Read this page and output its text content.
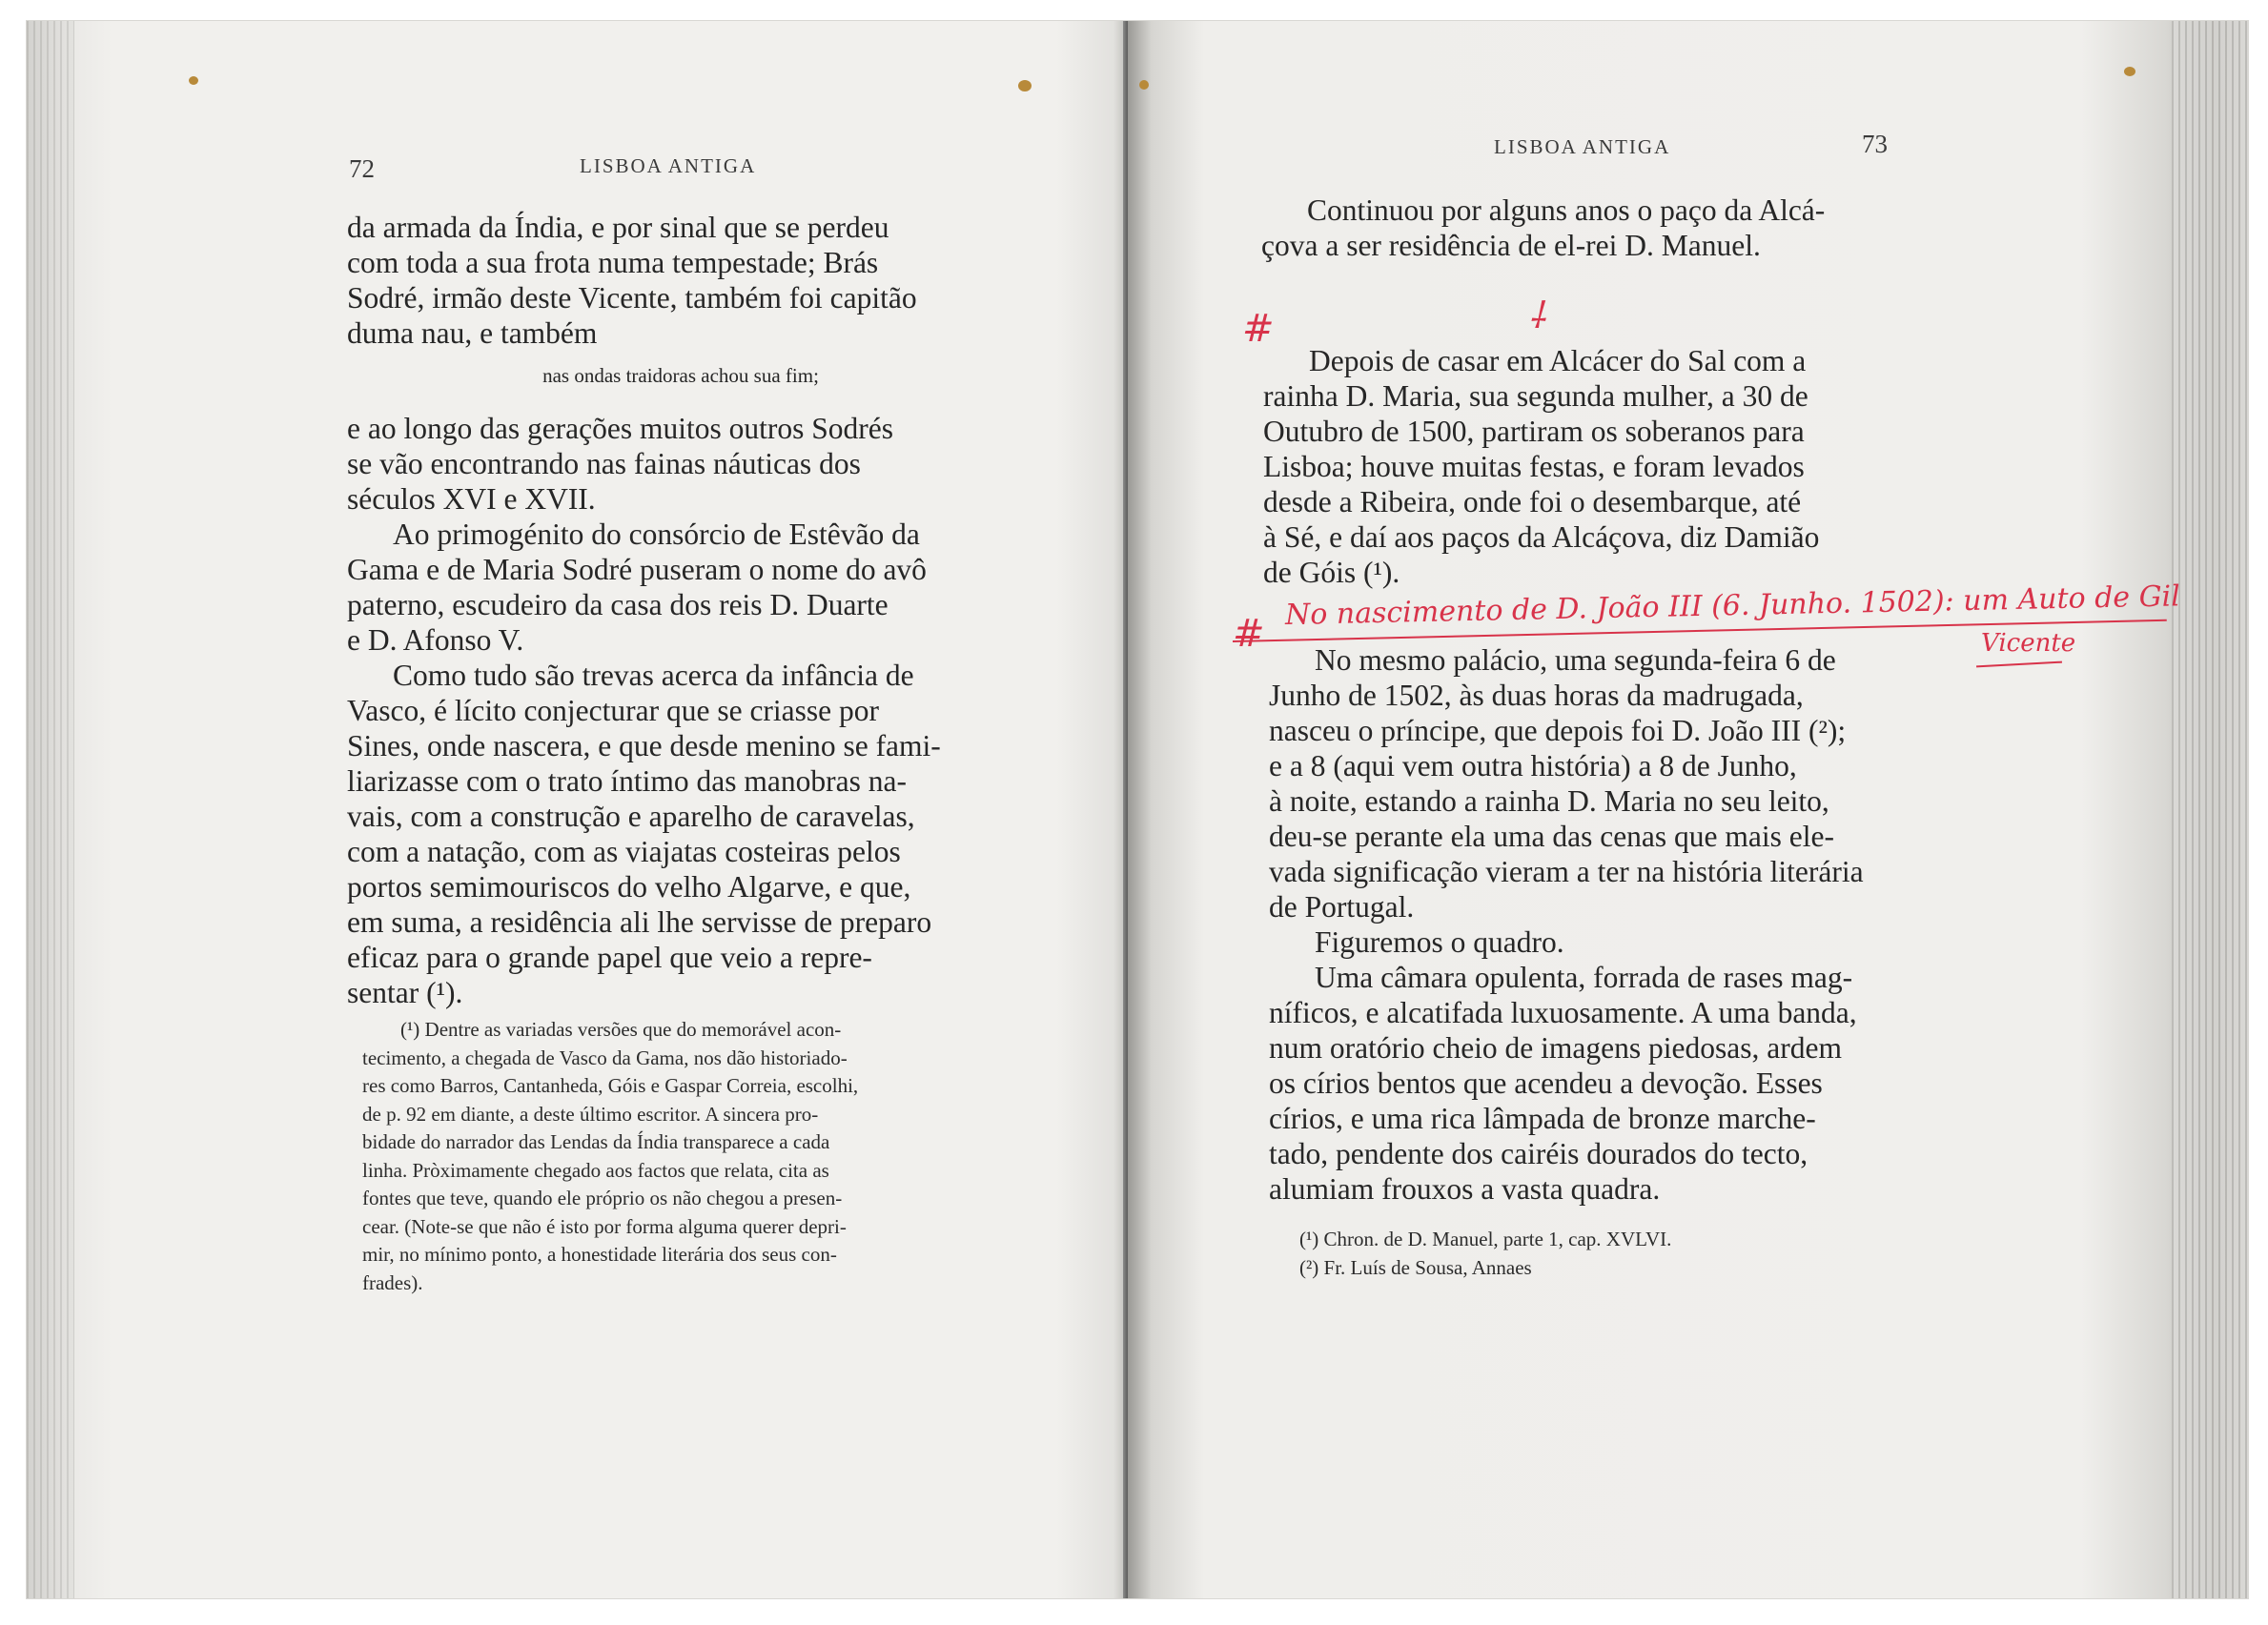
72	LISBOA ANTIGA

da armada da Índia, e por sinal que se perdeu

com toda a sua frota numa tempestade; Brás

Sodré, irmão deste Vicente, também foi capitão

duma nau, e também

nas ondas traidoras achou sua fim;

e ao longo das gerações muitos outros Sodrés

se vão encontrando nas fainas náuticas dos

séculos XVI e XVII.

Ao primogénito do consórcio de Estêvão da

Gama e de Maria Sodré puseram o nome do avô

paterno, escudeiro da casa dos reis D. Duarte

e D. Afonso V.

Como tudo são trevas acerca da infância de

Vasco, é lícito conjecturar que se criasse por

Sines, onde nascera, e que desde menino se fami-

liarizasse com o trato íntimo das manobras na-

vais, com a construção e aparelho de caravelas,

com a natação, com as viajatas costeiras pelos

portos semimouriscos do velho Algarve, e que,

em suma, a residência ali lhe servisse de preparo

eficaz para o grande papel que veio a repre-

sentar (¹).

(¹) Dentre as variadas versões que do memorável acon-

tecimento, a chegada de Vasco da Gama, nos dão historiado-

res como Barros, Cantanheda, Góis e Gaspar Correia, escolhi,

de p. 92 em diante, a deste último escritor. A sincera pro-

bidade do narrador das Lendas da Índia transparece a cada

linha. Pròximamente chegado aos factos que relata, cita as

fontes que teve, quando ele próprio os não chegou a presen-

cear. (Note-se que não é isto por forma alguma querer depri-

mir, no mínimo ponto, a honestidade literária dos seus con-

frades).

LISBOA ANTIGA	73

Continuou por alguns anos o paço da Alcá-

çova a ser residência de el-rei D. Manuel.

Depois de casar em Alcácer do Sal com a

rainha D. Maria, sua segunda mulher, a 30 de

Outubro de 1500, partiram os soberanos para

Lisboa; houve muitas festas, e foram levados

desde a Ribeira, onde foi o desembarque, até

à Sé, e daí aos paços da Alcáçova, diz Damião

de Góis (¹).

No mesmo palácio, uma segunda-feira 6 de

Junho de 1502, às duas horas da madrugada,

nasceu o príncipe, que depois foi D. João III (²);

e a 8 (aqui vem outra história) a 8 de Junho,

à noite, estando a rainha D. Maria no seu leito,

deu-se perante ela uma das cenas que mais ele-

vada significação vieram a ter na história literária

de Portugal.

Figuremos o quadro.

Uma câmara opulenta, forrada de rases mag-

níficos, e alcatifada luxuosamente. A uma banda,

num oratório cheio de imagens piedosas, ardem

os círios bentos que acendeu a devoção. Esses

círios, e uma rica lâmpada de bronze marche-

tado, pendente dos cairéis dourados do tecto,

alumiam frouxos a vasta quadra.

(¹) Chron. de D. Manuel, parte 1, cap. XVLVI.

(²) Fr. Luís de Sousa, Annaes

#	⸸
#
No nascimento de D. João III (6. Junho. 1502): um Auto de Gil
Vicente
